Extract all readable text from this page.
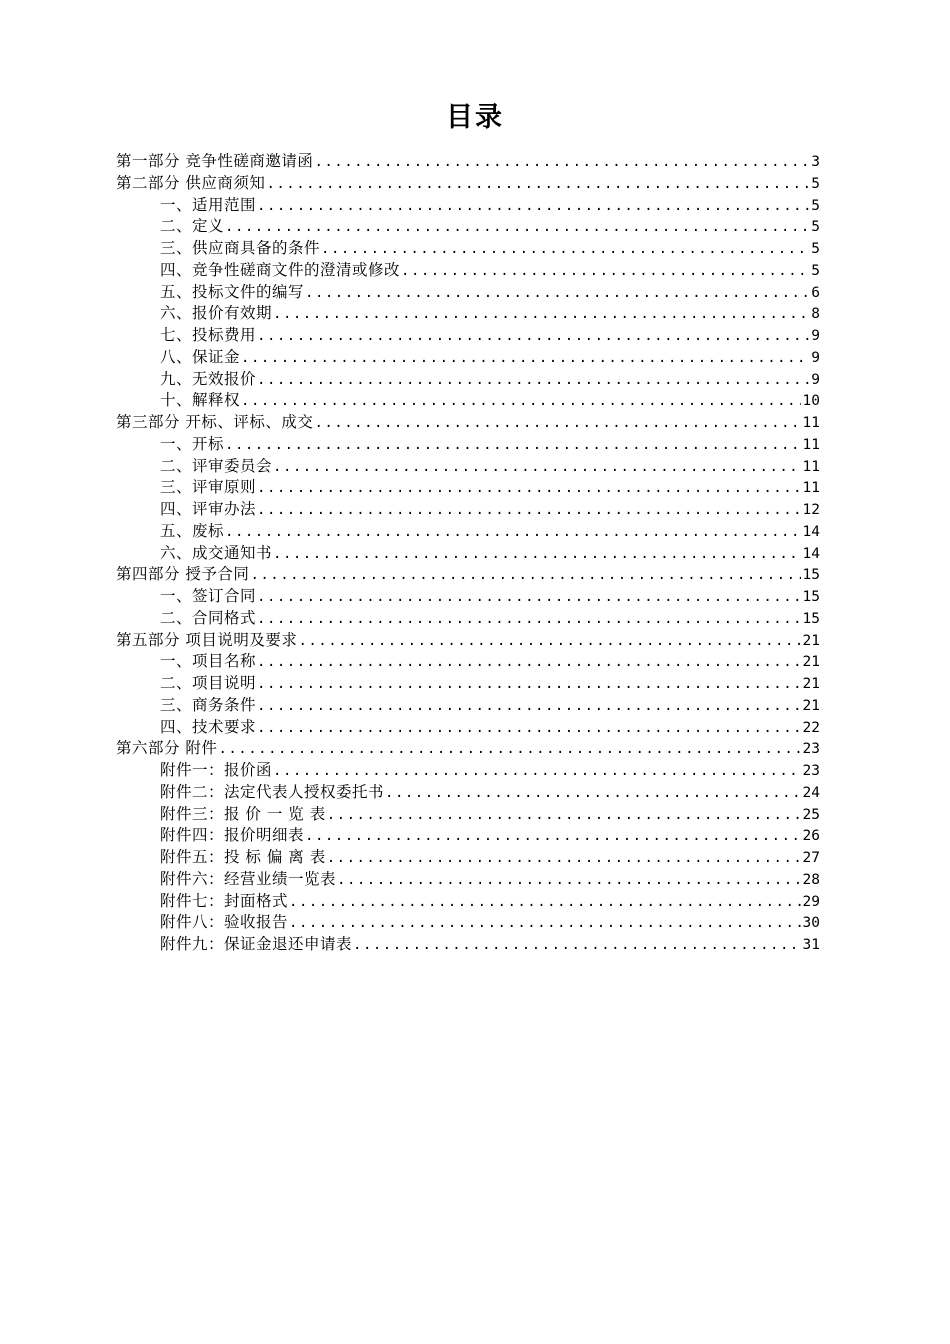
目录
第一部分 竞争性磋商邀请函 .....	3
第二部分 供应商须知 .....	5
一、适用范围 .....	5
二、定义 .....	5
三、供应商具备的条件 .....	5
四、竞争性磋商文件的澄清或修改 .....	5
五、投标文件的编写 .....	6
六、报价有效期 .....	8
七、投标费用 .....	9
八、保证金 .....	9
九、无效报价 .....	9
十、解释权 .....	10
第三部分 开标、评标、成交 .....	11
一、开标 .....	11
二、评审委员会 .....	11
三、评审原则 .....	11
四、评审办法 .....	12
五、废标 .....	14
六、成交通知书 .....	14
第四部分 授予合同 .....	15
一、签订合同 .....	15
二、合同格式 .....	15
第五部分 项目说明及要求 .....	21
一、项目名称 .....	21
二、项目说明 .....	21
三、商务条件 .....	21
四、技术要求 .....	22
第六部分 附件 .....	23
附件一：报价函 .....	23
附件二：法定代表人授权委托书 .....	24
附件三：报 价 一 览 表 .....	25
附件四：报价明细表 .....	26
附件五：投 标 偏 离 表 .....	27
附件六：经营业绩一览表 .....	28
附件七：封面格式 .....	29
附件八：验收报告 .....	30
附件九：保证金退还申请表 .....	31
